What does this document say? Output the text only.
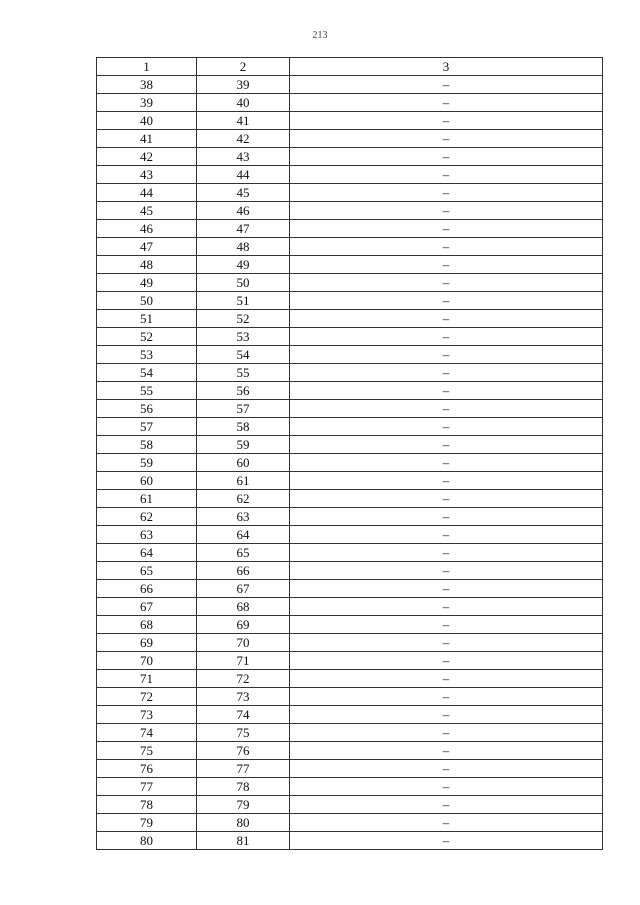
213
1	2	3
38	39	–
39	40	–
40	41	–
41	42	–
42	43	–
43	44	–
44	45	–
45	46	–
46	47	–
47	48	–
48	49	–
49	50	–
50	51	–
51	52	–
52	53	–
53	54	–
54	55	–
55	56	–
56	57	–
57	58	–
58	59	–
59	60	–
60	61	–
61	62	–
62	63	–
63	64	–
64	65	–
65	66	–
66	67	–
67	68	–
68	69	–
69	70	–
70	71	–
71	72	–
72	73	–
73	74	–
74	75	–
75	76	–
76	77	–
77	78	–
78	79	–
79	80	–
80	81	–
